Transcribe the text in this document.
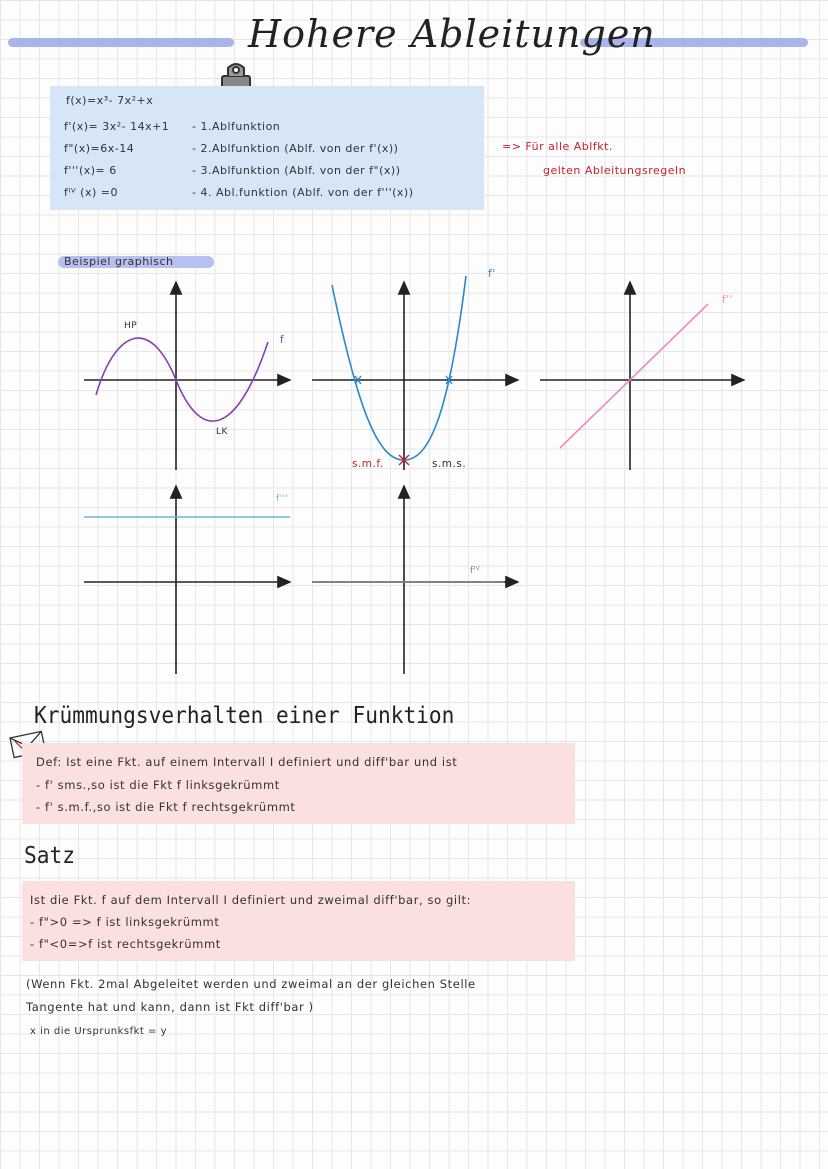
Hohere Ableitungen
f(x)=x³- 7x²+x
f'(x)= 3x²- 14x+1 - 1.Ablfunktion
f"(x)=6x-14	- 2.Ablfunktion (Ablf. von der f'(x))
f'''(x)= 6	- 3.Ablfunktion (Ablf. von der f"(x))
fᴵⱽ (x) =0	- 4. Abl.funktion (Ablf. von der f'''(x))
=> Für alle Ablfkt.
gelten Ableitungsregeln
Beispiel graphisch
HP
LK
f
f'
f''
f'''
fᴵⱽ
s.m.f.	s.m.s.
Krümmungsverhalten einer Funktion
Def: Ist eine Fkt. auf einem Intervall I definiert und diff'bar und ist
- f' sms.,so ist die Fkt f linksgekrümmt
- f' s.m.f.,so ist die Fkt f rechtsgekrümmt
Satz
Ist die Fkt. f auf dem Intervall I definiert und zweimal diff'bar, so gilt:
- f">0 => f ist linksgekrümmt
- f"<0=>f ist rechtsgekrümmt
(Wenn Fkt. 2mal Abgeleitet werden und zweimal an der gleichen Stelle
Tangente hat und kann, dann ist Fkt diff'bar )
x in die Ursprunksfkt = y
